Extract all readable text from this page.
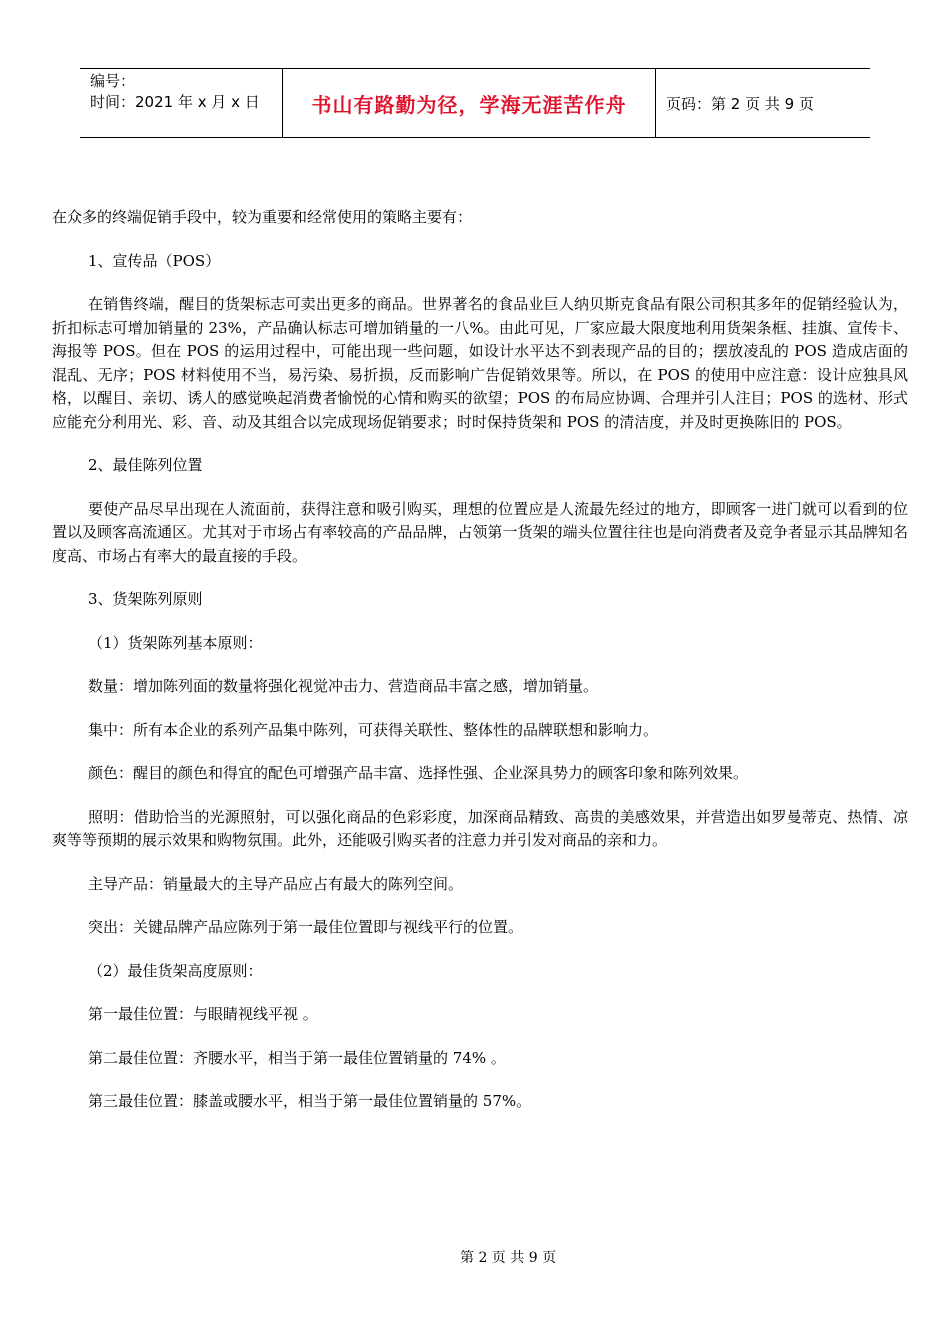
编号：
时间：2021 年 x 月 x 日	书山有路勤为径，学海无涯苦作舟	页码：第 2 页 共 9 页

在众多的终端促销手段中，较为重要和经常使用的策略主要有：

1、宣传品（POS）

在销售终端，醒目的货架标志可卖出更多的商品。世界著名的食品业巨人纳贝斯克食品有限公司积其多年的促销经验认为，折扣标志可增加销量的 23%，产品确认标志可增加销量的一八%。由此可见，厂家应最大限度地利用货架条框、挂旗、宣传卡、海报等 POS。但在 POS 的运用过程中，可能出现一些问题，如设计水平达不到表现产品的目的；摆放凌乱的 POS 造成店面的混乱、无序；POS 材料使用不当，易污染、易折损，反而影响广告促销效果等。所以，在 POS 的使用中应注意：设计应独具风格，以醒目、亲切、诱人的感觉唤起消费者愉悦的心情和购买的欲望；POS 的布局应协调、合理并引人注目；POS 的选材、形式应能充分利用光、彩、音、动及其组合以完成现场促销要求；时时保持货架和 POS 的清洁度，并及时更换陈旧的 POS。

2、最佳陈列位置

要使产品尽早出现在人流面前，获得注意和吸引购买，理想的位置应是人流最先经过的地方，即顾客一进门就可以看到的位置以及顾客高流通区。尤其对于市场占有率较高的产品品牌，占领第一货架的端头位置往往也是向消费者及竞争者显示其品牌知名度高、市场占有率大的最直接的手段。

3、货架陈列原则

（1）货架陈列基本原则：

数量：增加陈列面的数量将强化视觉冲击力、营造商品丰富之感，增加销量。

集中：所有本企业的系列产品集中陈列，可获得关联性、整体性的品牌联想和影响力。

颜色：醒目的颜色和得宜的配色可增强产品丰富、选择性强、企业深具势力的顾客印象和陈列效果。

照明：借助恰当的光源照射，可以强化商品的色彩彩度，加深商品精致、高贵的美感效果，并营造出如罗曼蒂克、热情、凉爽等等预期的展示效果和购物氛围。此外，还能吸引购买者的注意力并引发对商品的亲和力。

主导产品：销量最大的主导产品应占有最大的陈列空间。

突出：关键品牌产品应陈列于第一最佳位置即与视线平行的位置。

（2）最佳货架高度原则：

第一最佳位置：与眼睛视线平视 。

第二最佳位置：齐腰水平，相当于第一最佳位置销量的 74% 。

第三最佳位置：膝盖或腰水平，相当于第一最佳位置销量的 57%。

第 2 页 共 9 页
